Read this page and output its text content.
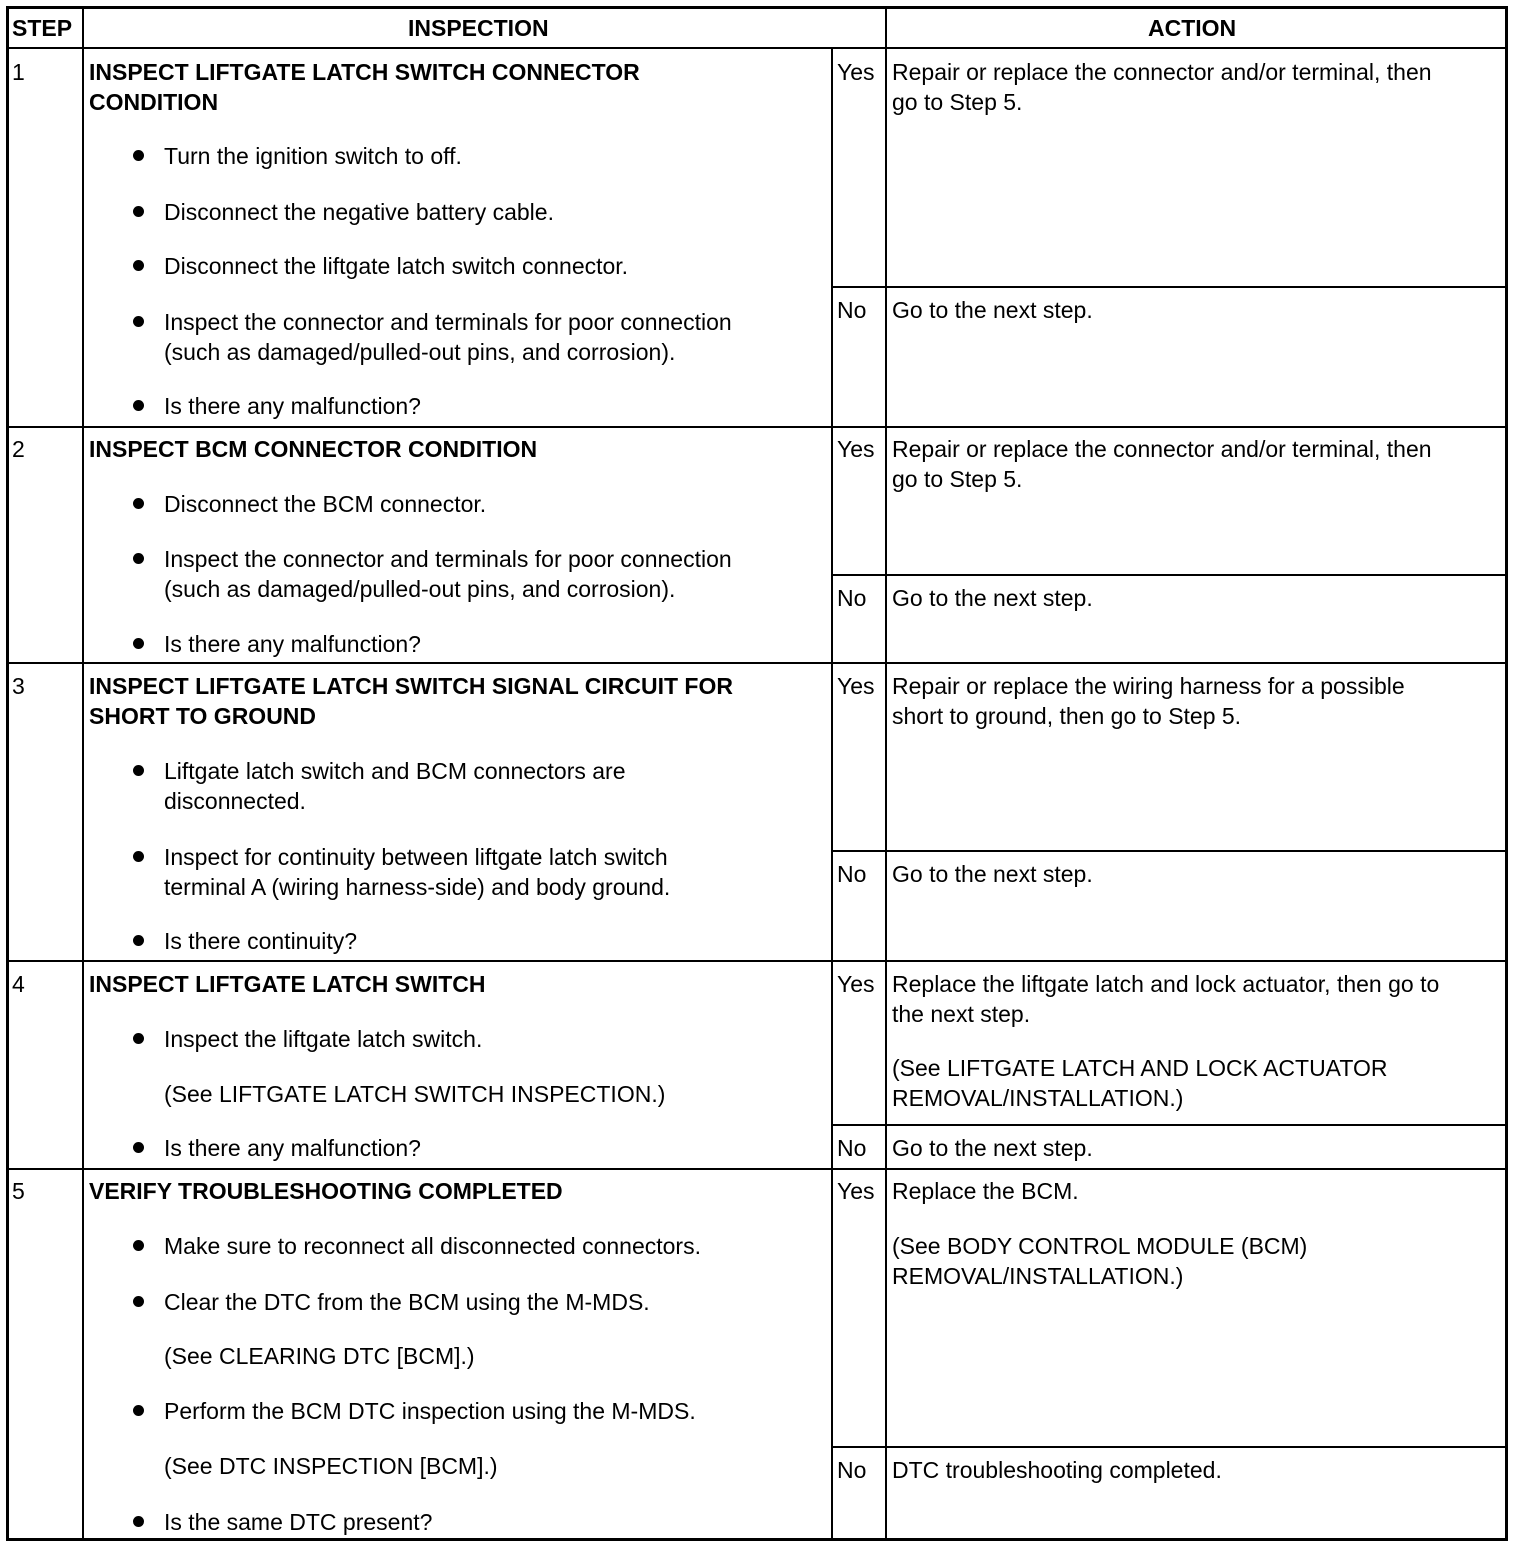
STEP	INSPECTION	ACTION
1	INSPECT LIFTGATE LATCH SWITCH CONNECTOR
CONDITION
Turn the ignition switch to off.
Disconnect the negative battery cable.
Disconnect the liftgate latch switch connector.
Inspect the connector and terminals for poor connection
(such as damaged/pulled-out pins, and corrosion).
Is there any malfunction?
Yes Repair or replace the connector and/or terminal, then
go to Step 5.
No Go to the next step.
2	INSPECT BCM CONNECTOR CONDITION
Disconnect the BCM connector.
Inspect the connector and terminals for poor connection
(such as damaged/pulled-out pins, and corrosion).
Is there any malfunction?
Yes Repair or replace the connector and/or terminal, then
go to Step 5.
No Go to the next step.
3	INSPECT LIFTGATE LATCH SWITCH SIGNAL CIRCUIT FOR
SHORT TO GROUND
Liftgate latch switch and BCM connectors are
disconnected.
Inspect for continuity between liftgate latch switch
terminal A (wiring harness-side) and body ground.
Is there continuity?
Yes Repair or replace the wiring harness for a possible
short to ground, then go to Step 5.
No Go to the next step.
4	INSPECT LIFTGATE LATCH SWITCH
Inspect the liftgate latch switch.
(See LIFTGATE LATCH SWITCH INSPECTION.)
Is there any malfunction?
Yes Replace the liftgate latch and lock actuator, then go to
the next step.
(See LIFTGATE LATCH AND LOCK ACTUATOR
REMOVAL/INSTALLATION.)
No Go to the next step.
5	VERIFY TROUBLESHOOTING COMPLETED
Make sure to reconnect all disconnected connectors.
Clear the DTC from the BCM using the M-MDS.
(See CLEARING DTC [BCM].)
Perform the BCM DTC inspection using the M-MDS.
(See DTC INSPECTION [BCM].)
Is the same DTC present?
Yes Replace the BCM.
(See BODY CONTROL MODULE (BCM)
REMOVAL/INSTALLATION.)
No DTC troubleshooting completed.
